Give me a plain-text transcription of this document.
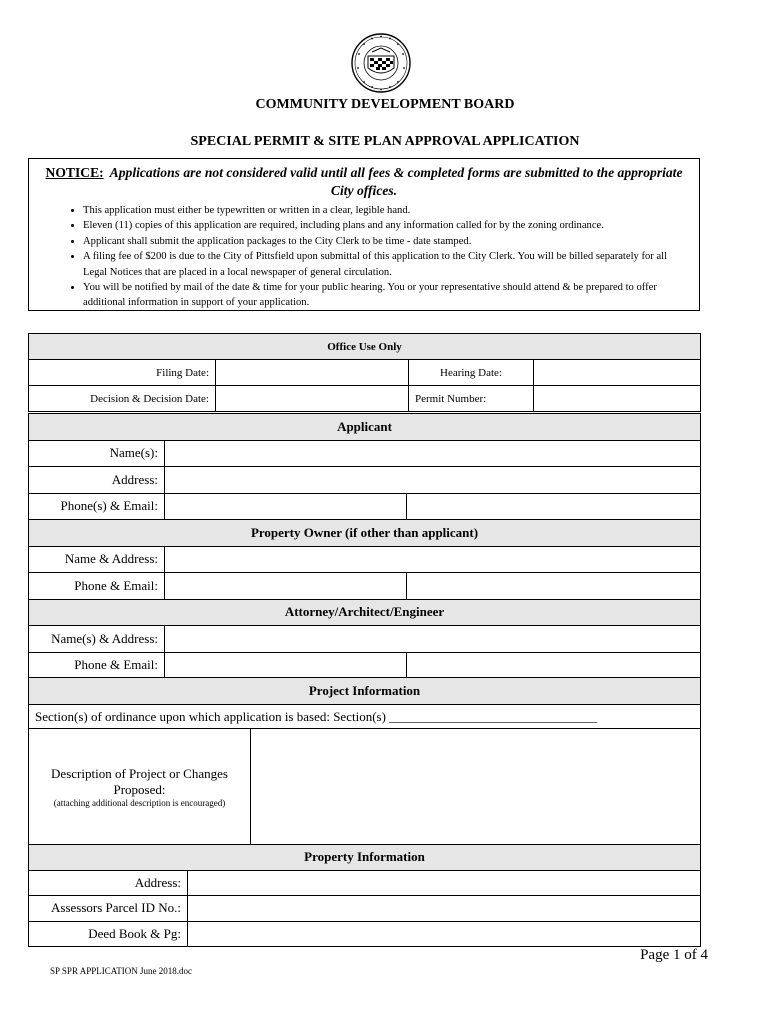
COMMUNITY DEVELOPMENT BOARD
SPECIAL PERMIT & SITE PLAN APPROVAL APPLICATION
NOTICE: Applications are not considered valid until all fees & completed forms are submitted to the appropriate City offices.
• This application must either be typewritten or written in a clear, legible hand.
• Eleven (11) copies of this application are required, including plans and any information called for by the zoning ordinance.
• Applicant shall submit the application packages to the City Clerk to be time - date stamped.
• A filing fee of $200 is due to the City of Pittsfield upon submittal of this application to the City Clerk. You will be billed separately for all Legal Notices that are placed in a local newspaper of general circulation.
• You will be notified by mail of the date & time for your public hearing. You or your representative should attend & be prepared to offer additional information in support of your application.
Office Use Only			
Filing Date:		Hearing Date:	
Decision & Decision Date:		Permit Number:	
Applicant		
Name(s):		
Address:		
Phone(s) & Email:		
Property Owner (if other than applicant)		
Name & Address:		
Phone & Email:		
Attorney/Architect/Engineer		
Name(s) & Address:		
Phone & Email:		
Project Information
Section(s) of ordinance upon which application is based: Section(s) ________________________________
Description of Project or Changes Proposed:
(attaching additional description is encouraged)

Property Information	
Address:	
Assessors Parcel ID No.:	
Deed Book & Pg:	
Page 1 of 4
SP SPR APPLICATION June 2018.doc
